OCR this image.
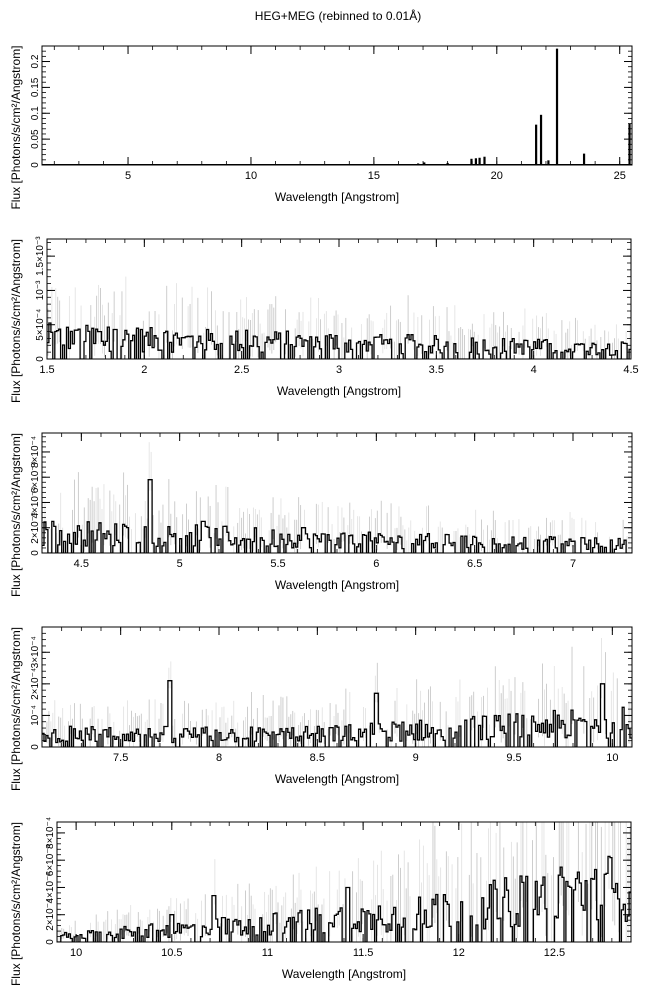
HEG+MEG (rebinned to 0.01Å)
5	10	15	20	25
0
0.05
0.1
0.15
0.2
Wavelength [Angstrom]
Flux [Photons/s/cm²/Angstrom]
1.5	2	2.5	3	3.5	4	4.5
0
5×10⁻⁴
10⁻³
1.5×10⁻³
Wavelength [Angstrom]
Flux [Photons/s/cm²/Angstrom]
4.5	5	5.5	6	6.5	7
0
2×10⁻⁴
4×10⁻⁴
6×10⁻⁴
8×10⁻⁴
Wavelength [Angstrom]
Flux [Photons/s/cm²/Angstrom]
7.5	8	8.5	9	9.5	10
0
10⁻⁴
2×10⁻⁴
3×10⁻⁴
Wavelength [Angstrom]
Flux [Photons/s/cm²/Angstrom]
10	10.5	11	11.5	12	12.5
0
2×10⁻⁴
4×10⁻⁴
6×10⁻⁴
8×10⁻⁴
Wavelength [Angstrom]
Flux [Photons/s/cm²/Angstrom]
